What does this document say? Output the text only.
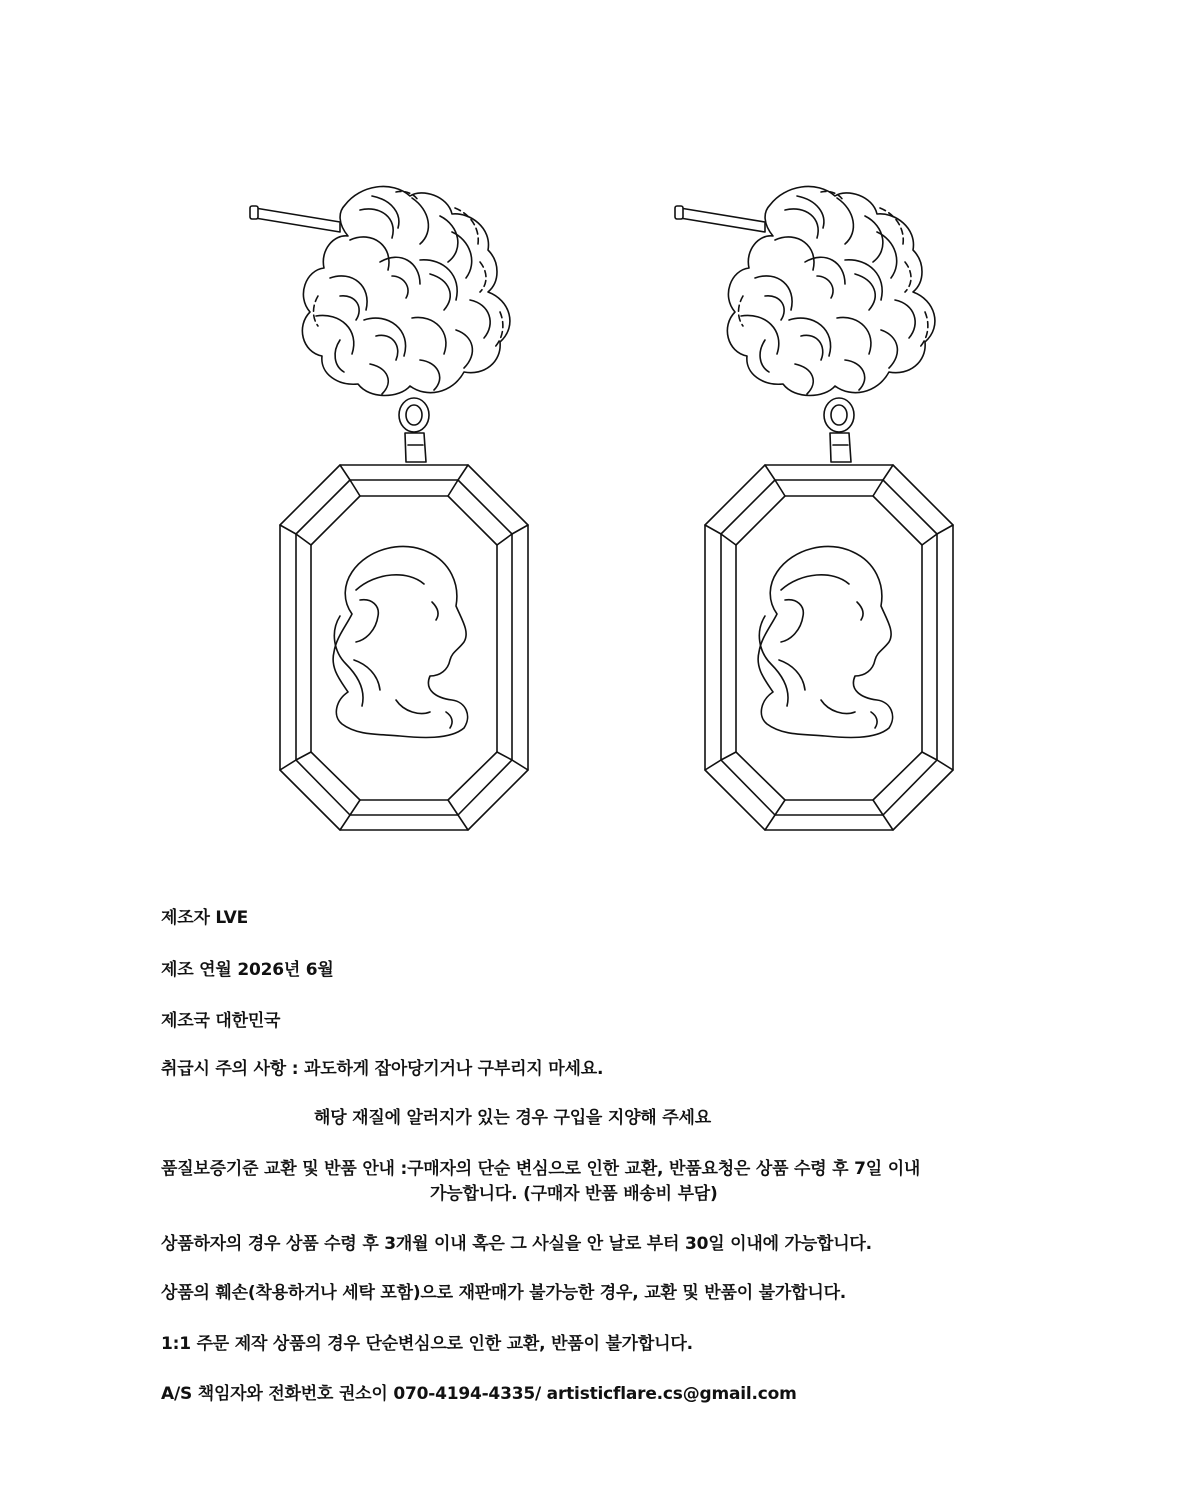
제조자 LVE
제조 연월 2026년 6월
제조국 대한민국
취급시 주의 사항 : 과도하게 잡아당기거나 구부리지 마세요.
해당 재질에 알러지가 있는 경우 구입을 지양해 주세요
품질보증기준 교환 및 반품 안내 :구매자의 단순 변심으로 인한 교환, 반품요청은 상품 수령 후 7일 이내
가능합니다. (구매자 반품 배송비 부담)
상품하자의 경우 상품 수령 후 3개월 이내 혹은 그 사실을 안 날로 부터 30일 이내에 가능합니다.
상품의 훼손(착용하거나 세탁 포함)으로 재판매가 불가능한 경우, 교환 및 반품이 불가합니다.
1:1 주문 제작 상품의 경우 단순변심으로 인한 교환, 반품이 불가합니다.
A/S 책임자와 전화번호 권소이 070-4194-4335/ artisticflare.cs@gmail.com
